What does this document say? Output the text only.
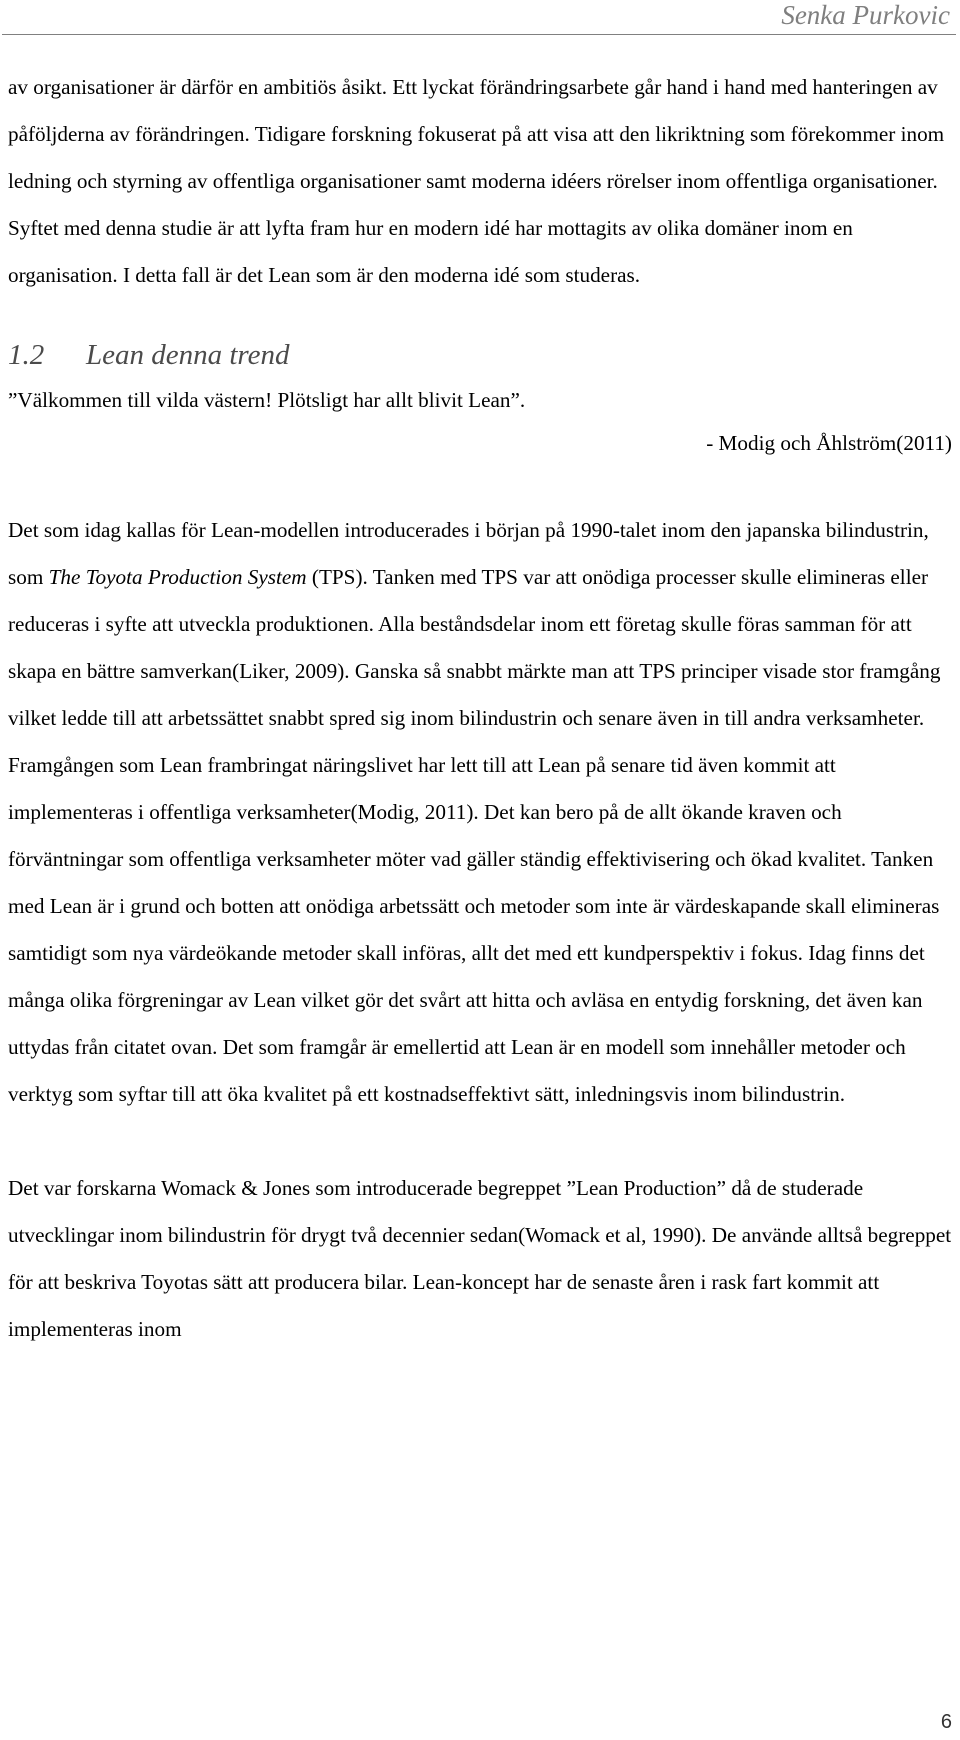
Senka Purkovic

av organisationer är därför en ambitiös åsikt. Ett lyckat förändringsarbete går hand i hand med hanteringen av påföljderna av förändringen. Tidigare forskning fokuserat på att visa att den likriktning som förekommer inom ledning och styrning av offentliga organisationer samt moderna idéers rörelser inom offentliga organisationer. Syftet med denna studie är att lyfta fram hur en modern idé har mottagits av olika domäner inom en organisation. I detta fall är det Lean som är den moderna idé som studeras.

1.2 Lean denna trend

”Välkommen till vilda västern! Plötsligt har allt blivit Lean”.

- Modig och Åhlström(2011)

Det som idag kallas för Lean-modellen introducerades i början på 1990-talet inom den japanska bilindustrin, som The Toyota Production System (TPS). Tanken med TPS var att onödiga processer skulle elimineras eller reduceras i syfte att utveckla produktionen. Alla beståndsdelar inom ett företag skulle föras samman för att skapa en bättre samverkan(Liker, 2009). Ganska så snabbt märkte man att TPS principer visade stor framgång vilket ledde till att arbetssättet snabbt spred sig inom bilindustrin och senare även in till andra verksamheter.

Framgången som Lean frambringat näringslivet har lett till att Lean på senare tid även kommit att implementeras i offentliga verksamheter(Modig, 2011). Det kan bero på de allt ökande kraven och förväntningar som offentliga verksamheter möter vad gäller ständig effektivisering och ökad kvalitet. Tanken med Lean är i grund och botten att onödiga arbetssätt och metoder som inte är värdeskapande skall elimineras samtidigt som nya värdeökande metoder skall införas, allt det med ett kundperspektiv i fokus. Idag finns det många olika förgreningar av Lean vilket gör det svårt att hitta och avläsa en entydig forskning, det även kan uttydas från citatet ovan. Det som framgår är emellertid att Lean är en modell som innehåller metoder och verktyg som syftar till att öka kvalitet på ett kostnadseffektivt sätt, inledningsvis inom bilindustrin.

Det var forskarna Womack & Jones som introducerade begreppet ”Lean Production” då de studerade utvecklingar inom bilindustrin för drygt två decennier sedan(Womack et al, 1990). De använde alltså begreppet för att beskriva Toyotas sätt att producera bilar. Lean-koncept har de senaste åren i rask fart kommit att implementeras inom

6
